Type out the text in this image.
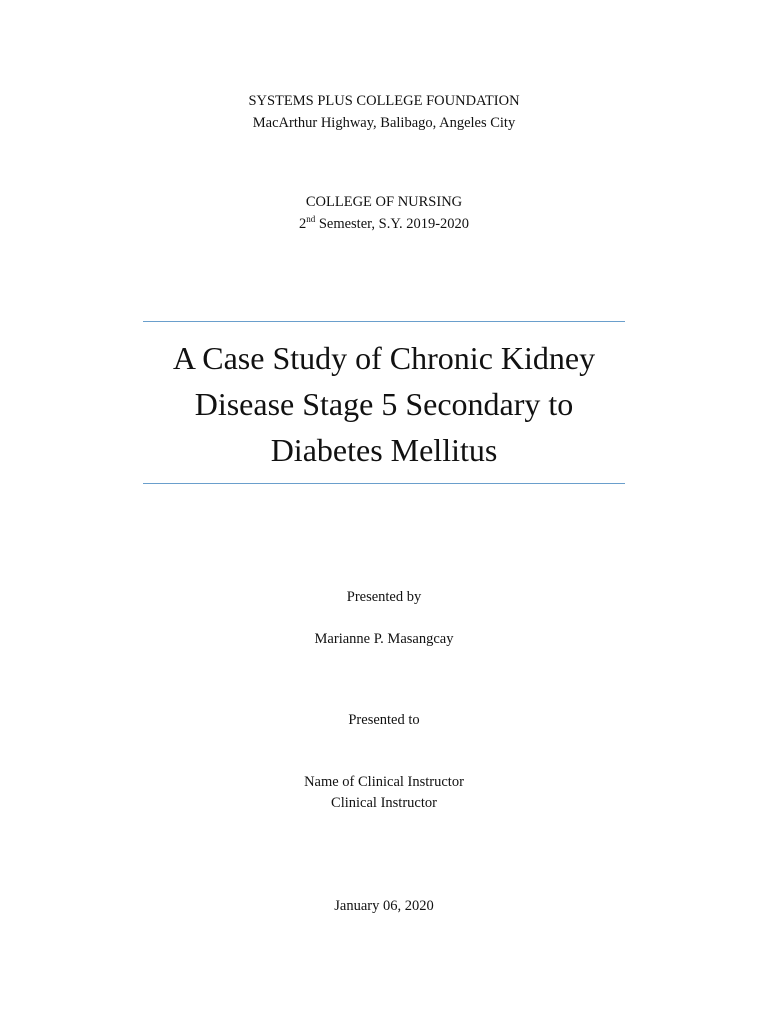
SYSTEMS PLUS COLLEGE FOUNDATION
MacArthur Highway, Balibago, Angeles City
COLLEGE OF NURSING
2nd Semester, S.Y. 2019-2020
A Case Study of Chronic Kidney
Disease Stage 5 Secondary to
Diabetes Mellitus
Presented by
Marianne P. Masangcay
Presented to
Name of Clinical Instructor
Clinical Instructor
January 06, 2020
